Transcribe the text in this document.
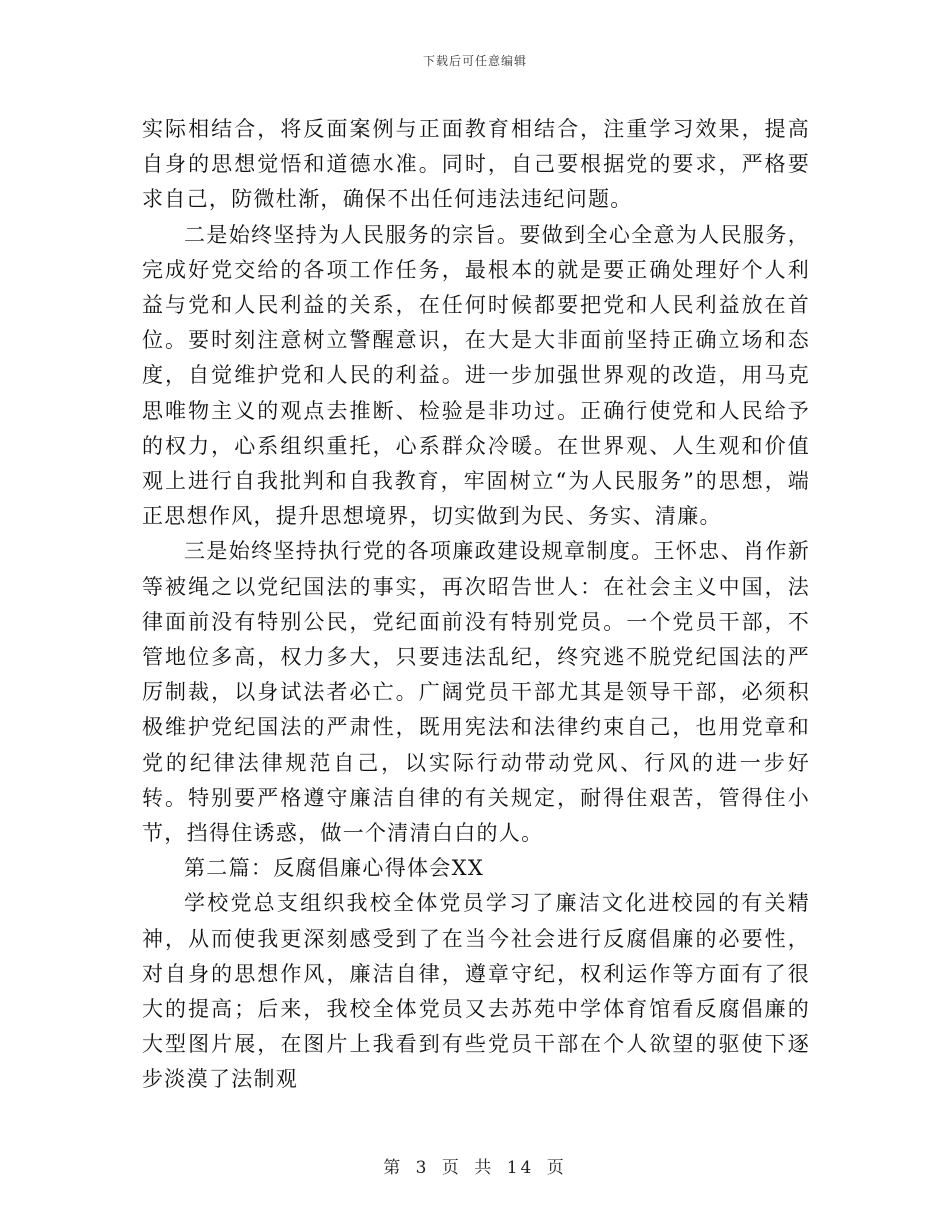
下载后可任意编辑

实际相结合，将反面案例与正面教育相结合，注重学习效果，提高自身的思想觉悟和道德水准。同时，自己要根据党的要求，严格要求自己，防微杜渐，确保不出任何违法违纪问题。

二是始终坚持为人民服务的宗旨。要做到全心全意为人民服务，完成好党交给的各项工作任务，最根本的就是要正确处理好个人利益与党和人民利益的关系，在任何时候都要把党和人民利益放在首位。要时刻注意树立警醒意识，在大是大非面前坚持正确立场和态度，自觉维护党和人民的利益。进一步加强世界观的改造，用马克思唯物主义的观点去推断、检验是非功过。正确行使党和人民给予的权力，心系组织重托，心系群众冷暖。在世界观、人生观和价值观上进行自我批判和自我教育，牢固树立“为人民服务”的思想，端正思想作风，提升思想境界，切实做到为民、务实、清廉。

三是始终坚持执行党的各项廉政建设规章制度。王怀忠、肖作新等被绳之以党纪国法的事实，再次昭告世人：在社会主义中国，法律面前没有特别公民，党纪面前没有特别党员。一个党员干部，不管地位多高，权力多大，只要违法乱纪，终究逃不脱党纪国法的严厉制裁，以身试法者必亡。广阔党员干部尤其是领导干部，必须积极维护党纪国法的严肃性，既用宪法和法律约束自己，也用党章和党的纪律法律规范自己，以实际行动带动党风、行风的进一步好转。特别要严格遵守廉洁自律的有关规定，耐得住艰苦，管得住小节，挡得住诱惑，做一个清清白白的人。

第二篇：反腐倡廉心得体会XX

学校党总支组织我校全体党员学习了廉洁文化进校园的有关精神，从而使我更深刻感受到了在当今社会进行反腐倡廉的必要性，对自身的思想作风，廉洁自律，遵章守纪，权利运作等方面有了很大的提高；后来，我校全体党员又去苏苑中学体育馆看反腐倡廉的大型图片展，在图片上我看到有些党员干部在个人欲望的驱使下逐步淡漠了法制观

第 3 页 共 14 页
